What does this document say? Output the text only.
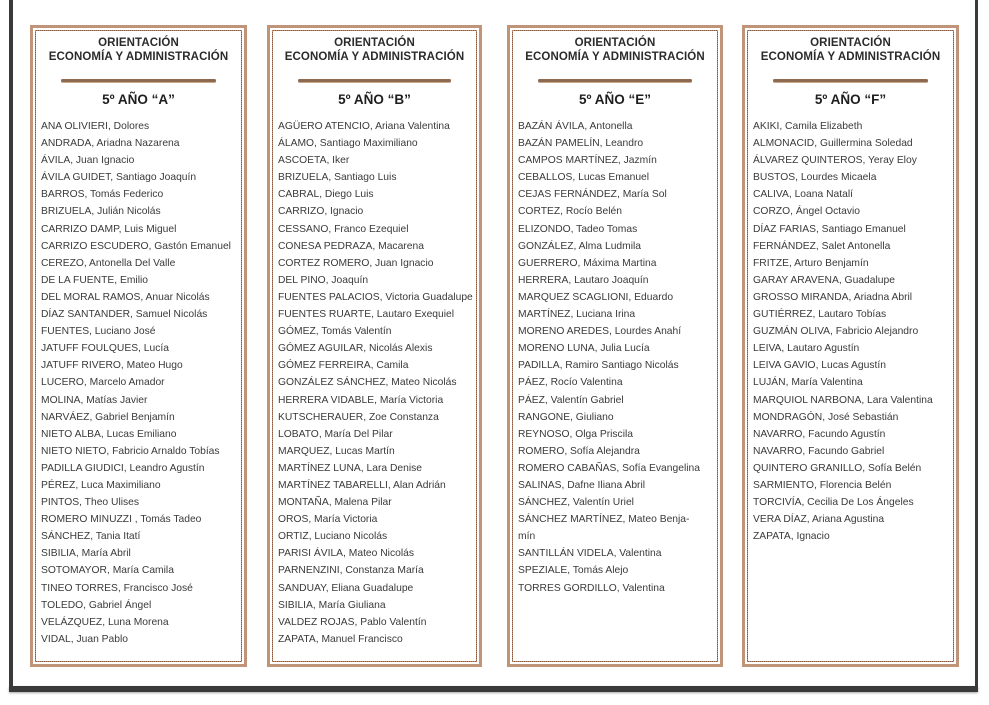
ORIENTACIÓN
ECONOMÍA Y ADMINISTRACIÓN
5º AÑO “A”
ANA OLIVIERI, Dolores
ANDRADA, Ariadna Nazarena
ÁVILA, Juan Ignacio
ÁVILA GUIDET, Santiago Joaquín
BARROS, Tomás Federico
BRIZUELA, Julián Nicolás
CARRIZO DAMP, Luis Miguel
CARRIZO ESCUDERO, Gastón Emanuel
CEREZO, Antonella Del Valle
DE LA FUENTE, Emilio
DEL MORAL RAMOS, Anuar Nicolás
DÍAZ SANTANDER, Samuel Nicolás
FUENTES, Luciano José
JATUFF FOULQUES, Lucía
JATUFF RIVERO, Mateo Hugo
LUCERO, Marcelo Amador
MOLINA, Matías Javier
NARVÁEZ, Gabriel Benjamín
NIETO ALBA, Lucas Emiliano
NIETO NIETO, Fabricio Arnaldo Tobías
PADILLA GIUDICI, Leandro Agustín
PÉREZ, Luca Maximiliano
PINTOS, Theo Ulises
ROMERO MINUZZI , Tomás Tadeo
SÁNCHEZ, Tania Itatí
SIBILIA, María Abril
SOTOMAYOR, María Camila
TINEO TORRES, Francisco José
TOLEDO, Gabriel Ángel
VELÁZQUEZ, Luna Morena
VIDAL, Juan Pablo
ORIENTACIÓN
ECONOMÍA Y ADMINISTRACIÓN
5º AÑO “B”
AGÜERO ATENCIO, Ariana Valentina
ÁLAMO, Santiago Maximiliano
ASCOETA, Iker
BRIZUELA, Santiago Luis
CABRAL, Diego Luis
CARRIZO, Ignacio
CESSANO, Franco Ezequiel
CONESA PEDRAZA, Macarena
CORTEZ ROMERO, Juan Ignacio
DEL PINO, Joaquín
FUENTES PALACIOS, Victoria Guadalupe
FUENTES RUARTE, Lautaro Exequiel
GÓMEZ, Tomás Valentín
GÓMEZ AGUILAR, Nicolás Alexis
GÓMEZ FERREIRA, Camila
GONZÁLEZ SÁNCHEZ, Mateo Nicolás
HERRERA VIDABLE, María Victoria
KUTSCHERAUER, Zoe Constanza
LOBATO, María Del Pilar
MARQUEZ, Lucas Martín
MARTÍNEZ LUNA, Lara Denise
MARTÍNEZ TABARELLI, Alan Adrián
MONTAÑA, Malena Pilar
OROS, María Victoria
ORTIZ, Luciano Nicolás
PARISI ÁVILA, Mateo Nicolás
PARNENZINI, Constanza María
SANDUAY, Eliana Guadalupe
SIBILIA, María Giuliana
VALDEZ ROJAS, Pablo Valentín
ZAPATA, Manuel Francisco
ORIENTACIÓN
ECONOMÍA Y ADMINISTRACIÓN
5º AÑO “E”
BAZÁN ÁVILA, Antonella
BAZÁN PAMELÍN, Leandro
CAMPOS MARTÍNEZ, Jazmín
CEBALLOS, Lucas Emanuel
CEJAS FERNÁNDEZ, María Sol
CORTEZ, Rocío Belén
ELIZONDO, Tadeo Tomas
GONZÁLEZ, Alma Ludmila
GUERRERO, Máxima Martina
HERRERA, Lautaro Joaquín
MARQUEZ SCAGLIONI, Eduardo
MARTÍNEZ, Luciana Irina
MORENO AREDES, Lourdes Anahí
MORENO LUNA, Julia Lucía
PADILLA, Ramiro Santiago Nicolás
PÁEZ, Rocío Valentina
PÁEZ, Valentín Gabriel
RANGONE, Giuliano
REYNOSO, Olga Priscila
ROMERO, Sofía Alejandra
ROMERO CABAÑAS, Sofía Evangelina
SALINAS, Dafne Iliana Abril
SÁNCHEZ, Valentín Uriel
SÁNCHEZ MARTÍNEZ, Mateo Benja-
mín
SANTILLÁN VIDELA, Valentina
SPEZIALE, Tomás Alejo
TORRES GORDILLO, Valentina
ORIENTACIÓN
ECONOMÍA Y ADMINISTRACIÓN
5º AÑO “F”
AKIKI, Camila Elizabeth
ALMONACID, Guillermina Soledad
ÁLVAREZ QUINTEROS, Yeray Eloy
BUSTOS, Lourdes Micaela
CALIVA, Loana Natalí
CORZO, Ángel Octavio
DÍAZ FARIAS, Santiago Emanuel
FERNÁNDEZ, Salet Antonella
FRITZE, Arturo Benjamín
GARAY ARAVENA, Guadalupe
GROSSO MIRANDA, Ariadna Abril
GUTIÉRREZ, Lautaro Tobías
GUZMÁN OLIVA, Fabricio Alejandro
LEIVA, Lautaro Agustín
LEIVA GAVIO, Lucas Agustín
LUJÁN, María Valentina
MARQUIOL NARBONA, Lara Valentina
MONDRAGÓN, José Sebastián
NAVARRO, Facundo Agustín
NAVARRO, Facundo Gabriel
QUINTERO GRANILLO, Sofía Belén
SARMIENTO, Florencia Belén
TORCIVÍA, Cecilia De Los Ángeles
VERA DÍAZ, Ariana Agustina
ZAPATA, Ignacio
